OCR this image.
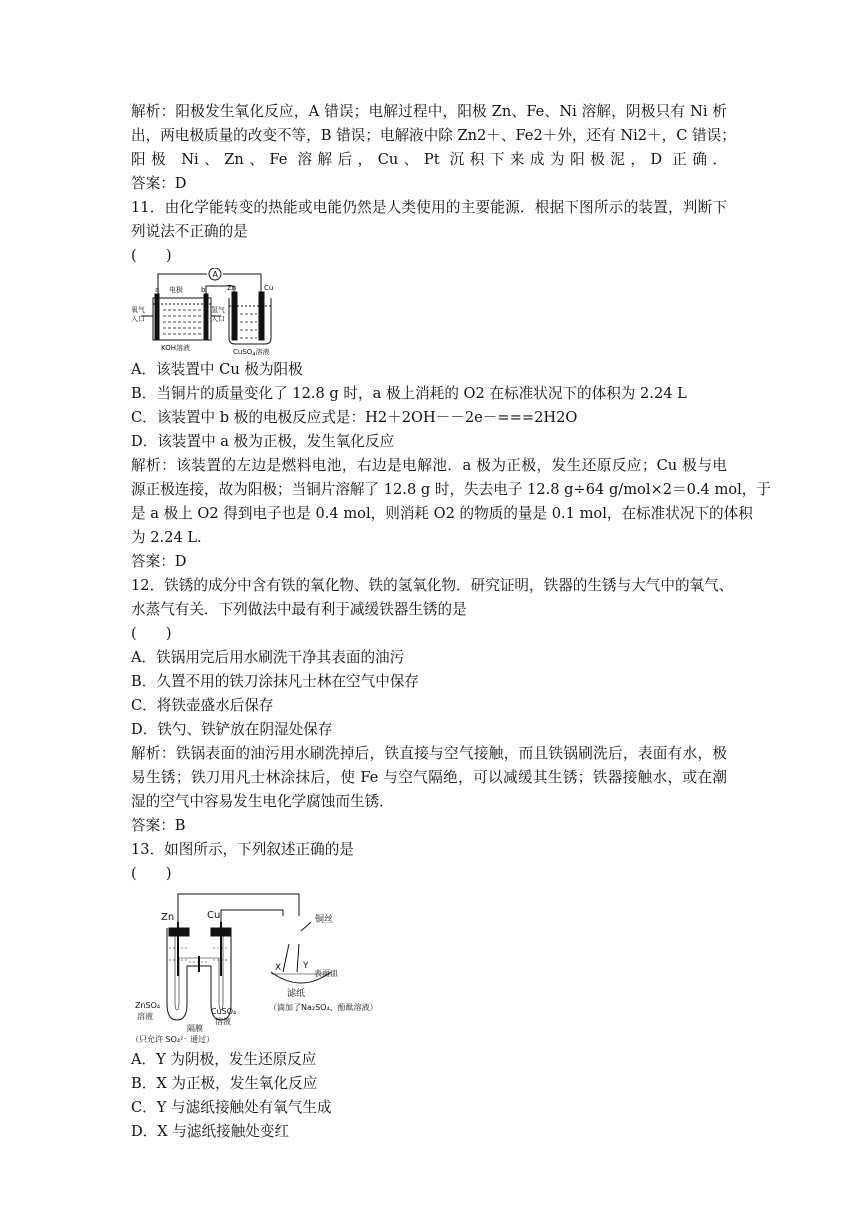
解析：阳极发生氧化反应，A 错误；电解过程中，阳极 Zn、Fe、Ni 溶解，阴极只有 Ni 析
出，两电极质量的改变不等，B 错误；电解液中除 Zn2＋、Fe2＋外，还有 Ni2＋，C 错误；
阳极 Ni、Zn、Fe 溶解后，Cu、Pt 沉积下来成为阳极泥，D 正确．
答案：D
11．由化学能转变的热能或电能仍然是人类使用的主要能源．根据下图所示的装置，判断下
列说法不正确的是
(　　)
A
a	b
电极
氧气
入口
氢气
入口
KOH溶液
Zn	Cu
CuSO$_4$溶液
A．该装置中 Cu 极为阳极
B．当铜片的质量变化了 12.8 g 时，a 极上消耗的 O2 在标准状况下的体积为 2.24 L
C．该装置中 b 极的电极反应式是：H2＋2OH－－2e－===2H2O
D．该装置中 a 极为正极，发生氧化反应
解析：该装置的左边是燃料电池，右边是电解池．a 极为正极，发生还原反应；Cu 极与电
源正极连接，故为阳极；当铜片溶解了 12.8 g 时，失去电子 12.8 g÷64 g/mol×2＝0.4 mol，于
是 a 极上 O2 得到电子也是 0.4 mol，则消耗 O2 的物质的量是 0.1 mol，在标准状况下的体积
为 2.24 L.
答案：D
12．铁锈的成分中含有铁的氧化物、铁的氢氧化物．研究证明，铁器的生锈与大气中的氧气、
水蒸气有关．下列做法中最有利于减缓铁器生锈的是
(　　)
A．铁锅用完后用水刷洗干净其表面的油污
B．久置不用的铁刀涂抹凡士林在空气中保存
C．将铁壶盛水后保存
D．铁勺、铁铲放在阴湿处保存
解析：铁锅表面的油污用水刷洗掉后，铁直接与空气接触，而且铁锅刷洗后，表面有水，极
易生锈；铁刀用凡士林涂抹后，使 Fe 与空气隔绝，可以减缓其生锈；铁器接触水，或在潮
湿的空气中容易发生电化学腐蚀而生锈．
答案：B
13．如图所示，下列叙述正确的是
(　　)
Zn	Cu	铜丝
X Y
表面皿
滤纸
（滴加了Na₂SO₄、酚酞溶液）
ZnSO₄
溶液
隔膜
CuSO₄
溶液
（只允许 SO₄²⁻ 通过）
A．Y 为阴极，发生还原反应
B．X 为正极，发生氧化反应
C．Y 与滤纸接触处有氧气生成
D．X 与滤纸接触处变红
